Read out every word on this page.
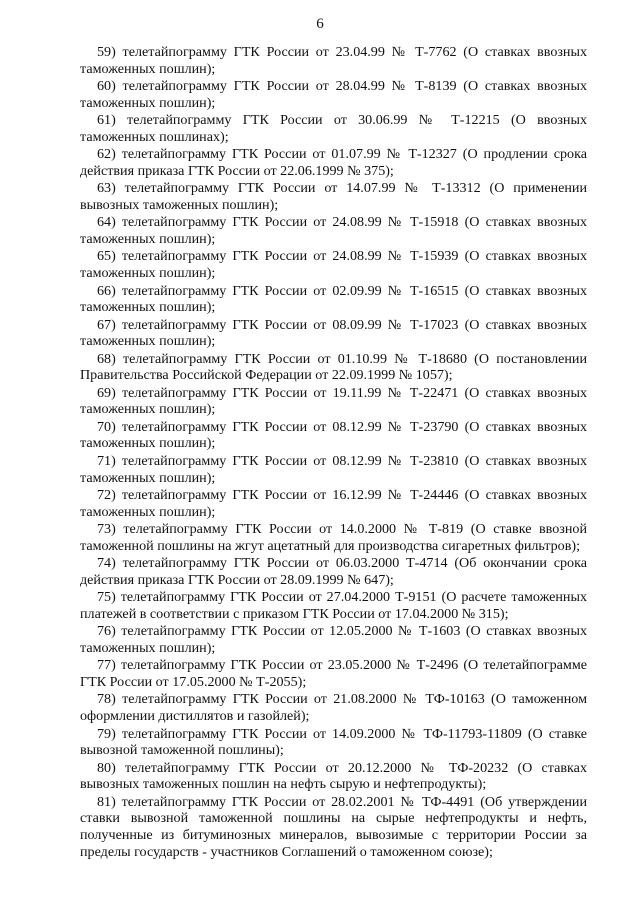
6
59) телетайпограмму ГТК России от 23.04.99 № Т-7762 (О ставках ввозных таможенных пошлин);
60) телетайпограмму ГТК России от 28.04.99 № Т-8139 (О ставках ввозных таможенных пошлин);
61) телетайпограмму ГТК России от 30.06.99 № Т-12215 (О ввозных таможенных пошлинах);
62) телетайпограмму ГТК России от 01.07.99 № Т-12327 (О продлении срока действия приказа ГТК России от 22.06.1999 № 375);
63) телетайпограмму ГТК России от 14.07.99 № Т-13312 (О применении вывозных таможенных пошлин);
64) телетайпограмму ГТК России от 24.08.99 № Т-15918 (О ставках ввозных таможенных пошлин);
65) телетайпограмму ГТК России от 24.08.99 № Т-15939 (О ставках ввозных таможенных пошлин);
66) телетайпограмму ГТК России от 02.09.99 № Т-16515 (О ставках ввозных таможенных пошлин);
67) телетайпограмму ГТК России от 08.09.99 № Т-17023 (О ставках ввозных таможенных пошлин);
68) телетайпограмму ГТК России от 01.10.99 № Т-18680 (О постановлении Правительства Российской Федерации от 22.09.1999 № 1057);
69) телетайпограмму ГТК России от 19.11.99 № Т-22471 (О ставках ввозных таможенных пошлин);
70) телетайпограмму ГТК России от 08.12.99 № Т-23790 (О ставках ввозных таможенных пошлин);
71) телетайпограмму ГТК России от 08.12.99 № Т-23810 (О ставках ввозных таможенных пошлин);
72) телетайпограмму ГТК России от 16.12.99 № Т-24446 (О ставках ввозных таможенных пошлин);
73) телетайпограмму ГТК России от 14.0.2000 № Т-819 (О ставке ввозной таможенной пошлины на жгут ацетатный для производства сигаретных фильтров);
74) телетайпограмму ГТК России от 06.03.2000 Т-4714 (Об окончании срока действия приказа ГТК России от 28.09.1999 № 647);
75) телетайпограмму ГТК России от 27.04.2000 Т-9151 (О расчете таможенных платежей в соответствии с приказом ГТК России от 17.04.2000 № 315);
76) телетайпограмму ГТК России от 12.05.2000 № Т-1603 (О ставках ввозных таможенных пошлин);
77) телетайпограмму ГТК России от 23.05.2000 № Т-2496 (О телетайпограмме ГТК России от 17.05.2000 № Т-2055);
78) телетайпограмму ГТК России от 21.08.2000 № ТФ-10163 (О таможенном оформлении дистиллятов и газойлей);
79) телетайпограмму ГТК России от 14.09.2000 № ТФ-11793-11809 (О ставке вывозной таможенной пошлины);
80) телетайпограмму ГТК России от 20.12.2000 № ТФ-20232 (О ставках вывозных таможенных пошлин на нефть сырую и нефтепродукты);
81) телетайпограмму ГТК России от 28.02.2001 № ТФ-4491 (Об утверждении ставки вывозной таможенной пошлины на сырые нефтепродукты и нефть, полученные из битуминозных минералов, вывозимые с территории России за пределы государств - участников Соглашений о таможенном союзе);
